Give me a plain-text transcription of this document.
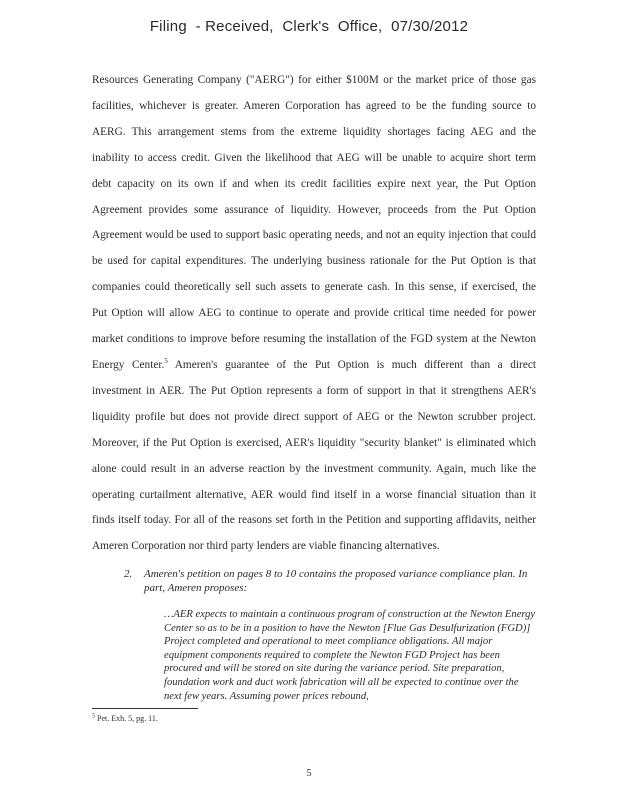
Filing  - Received,  Clerk's  Office,  07/30/2012
Resources Generating Company ("AERG") for either $100M or the market price of those gas
facilities, whichever is greater. Ameren Corporation has agreed to be the funding source to
AERG. This arrangement stems from the extreme liquidity shortages facing AEG and the
inability to access credit. Given the likelihood that AEG will be unable to acquire short term
debt capacity on its own if and when its credit facilities expire next year, the Put Option
Agreement provides some assurance of liquidity. However, proceeds from the Put Option
Agreement would be used to support basic operating needs, and not an equity injection that could
be used for capital expenditures. The underlying business rationale for the Put Option is that
companies could theoretically sell such assets to generate cash. In this sense, if exercised, the
Put Option will allow AEG to continue to operate and provide critical time needed for power
market conditions to improve before resuming the installation of the FGD system at the Newton
Energy Center.$^5$ Ameren's guarantee of the Put Option is much different than a direct
investment in AER. The Put Option represents a form of support in that it strengthens AER's
liquidity profile but does not provide direct support of AEG or the Newton scrubber project.
Moreover, if the Put Option is exercised, AER's liquidity "security blanket" is eliminated which
alone could result in an adverse reaction by the investment community. Again, much like the
operating curtailment alternative, AER would find itself in a worse financial situation than it
finds itself today. For all of the reasons set forth in the Petition and supporting affidavits, neither
Ameren Corporation nor third party lenders are viable financing alternatives.
2. Ameren's petition on pages 8 to 10 contains the proposed variance compliance plan. In part, Ameren proposes:
…AER expects to maintain a continuous program of construction at the Newton Energy Center so as to be in a position to have the Newton [Flue Gas Desulfurization (FGD)] Project completed and operational to meet compliance obligations. All major equipment components required to complete the Newton FGD Project has been procured and will be stored on site during the variance period. Site preparation, foundation work and duct work fabrication will all be expected to continue over the next few years. Assuming power prices rebound,
$^5$ Pet. Exh. 5, pg. 11.
5
